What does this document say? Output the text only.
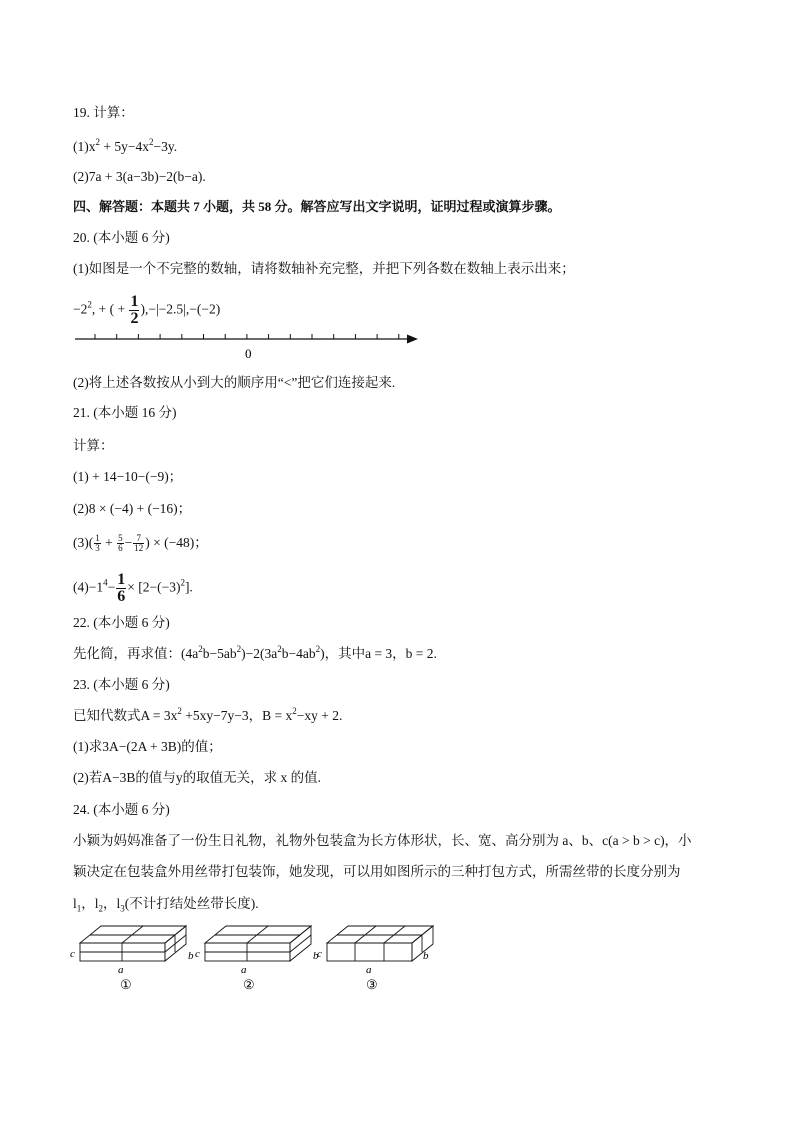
19. 计算：
$(1)x^2 + 5y-4x^2-3y$.
(2)7a + 3(a−3b)−2(b−a).
四、解答题：本题共 7 小题，共 58 分。解答应写出文字说明，证明过程或演算步骤。
20. (本小题 6 分)
(1)如图是一个不完整的数轴，请将数轴补充完整，并把下列各数在数轴上表示出来；
$-2^2$, + ( + $\frac{1}{2} ),-|-2.5|,-(-2)$
0
(2)将上述各数按从小到大的顺序用“<”把它们连接起来.
21. (本小题 16 分)
计算：
(1) + 14−10−(−9)；
(2)8 × (−4) + (−16)；
$(3)( \frac{1}{3} + \frac{5}{6} - \frac{7}{12}$ ) × (−48)；
$(4)-1^4- \frac{1}{6} \times [2-(-3)^2]$.
22. (本小题 6 分)
先化简，再求值：$(4a^2b-5ab^2)-2(3a^2b-4ab^2)$，其中a = 3，b = 2.
23. (本小题 6 分)
已知代数式$A = 3x^2 +5xy-7y-3$，$B = x^2-xy + 2$.
(1)求3A−(2A + 3B)的值；
(2)若A−3B的值与y的取值无关，求 x 的值.
24. (本小题 6 分)
小颖为妈妈准备了一份生日礼物，礼物外包装盒为长方体形状，长、宽、高分别为 a、b、c(a > b > c)，小
颖决定在包装盒外用丝带打包装饰，她发现，可以用如图所示的三种打包方式，所需丝带的长度分别为
$l_1$，$l_2$，$l_3$(不计打结处丝带长度).
c	b
a
c	b
a
c	b
a
①	②	③
